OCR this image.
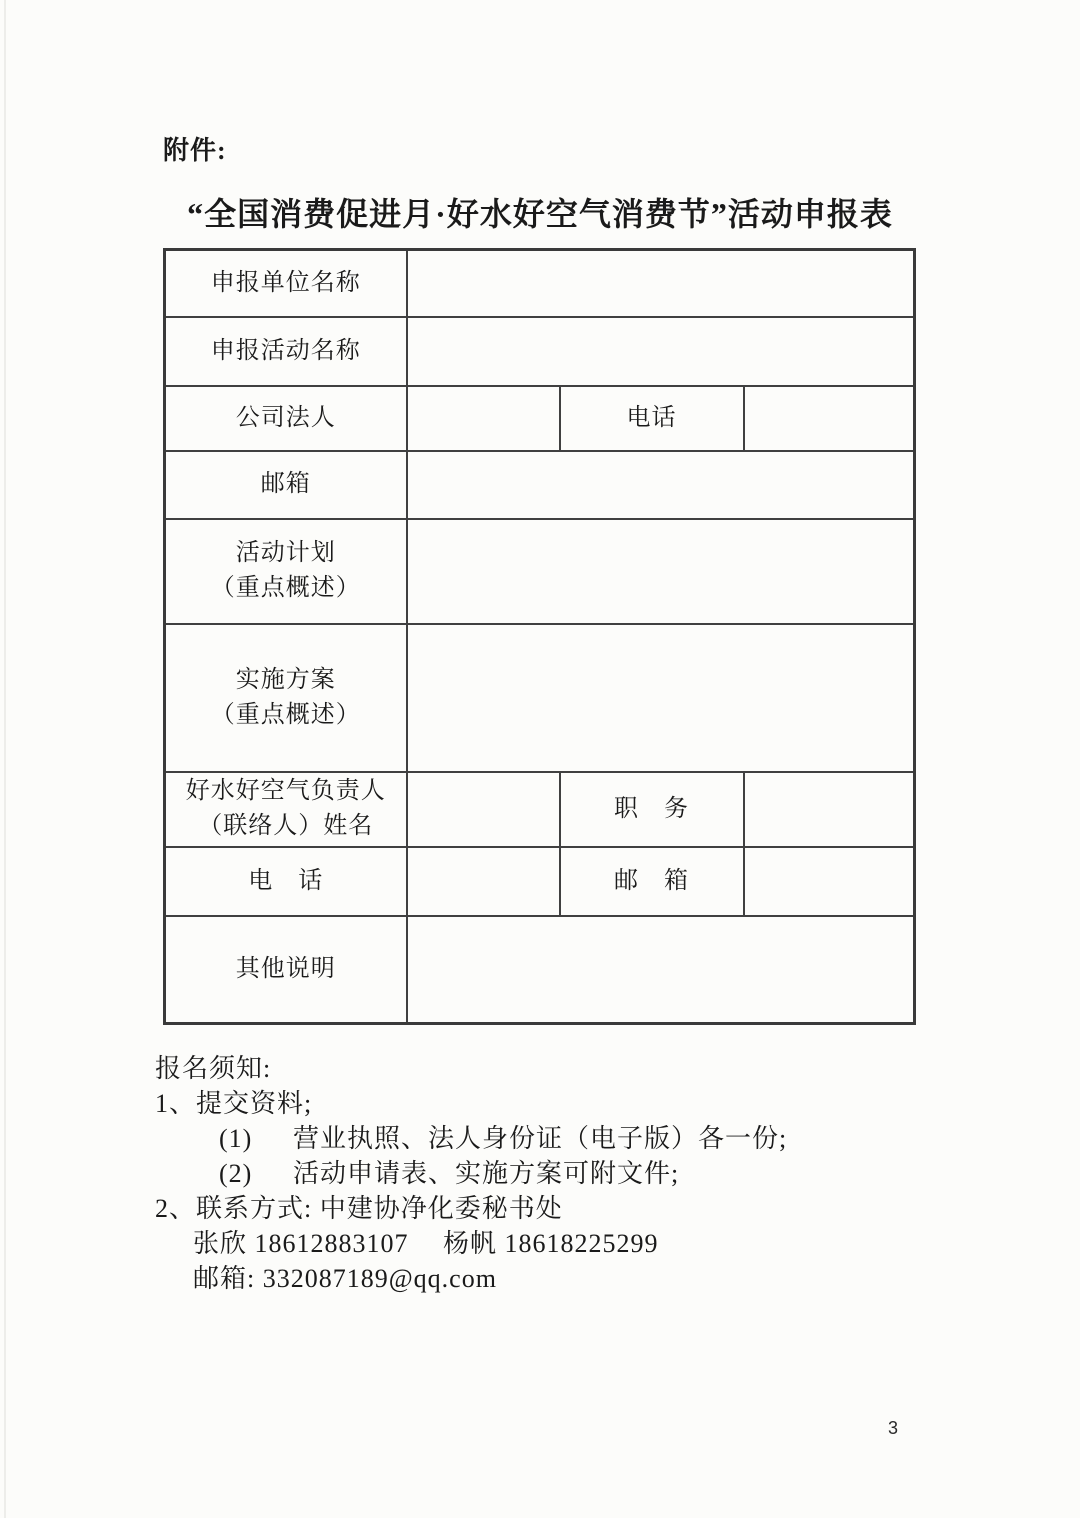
附件:
“全国消费促进月·好水好空气消费节”活动申报表
申报单位名称			
申报活动名称			
公司法人		电话	
邮箱			

活动计划
（重点概述）			

实施方案
（重点概述）			

好水好空气负责人
（联络人）姓名		职　务	
电　话		邮　箱	
其他说明			
报名须知:
1、提交资料;
(1) 营业执照、法人身份证（电子版）各一份;
(2) 活动申请表、实施方案可附文件;
2、联系方式: 中建协净化委秘书处
张欣 18612883107　 杨帆 18618225299
邮箱: 332087189@qq.com
3
